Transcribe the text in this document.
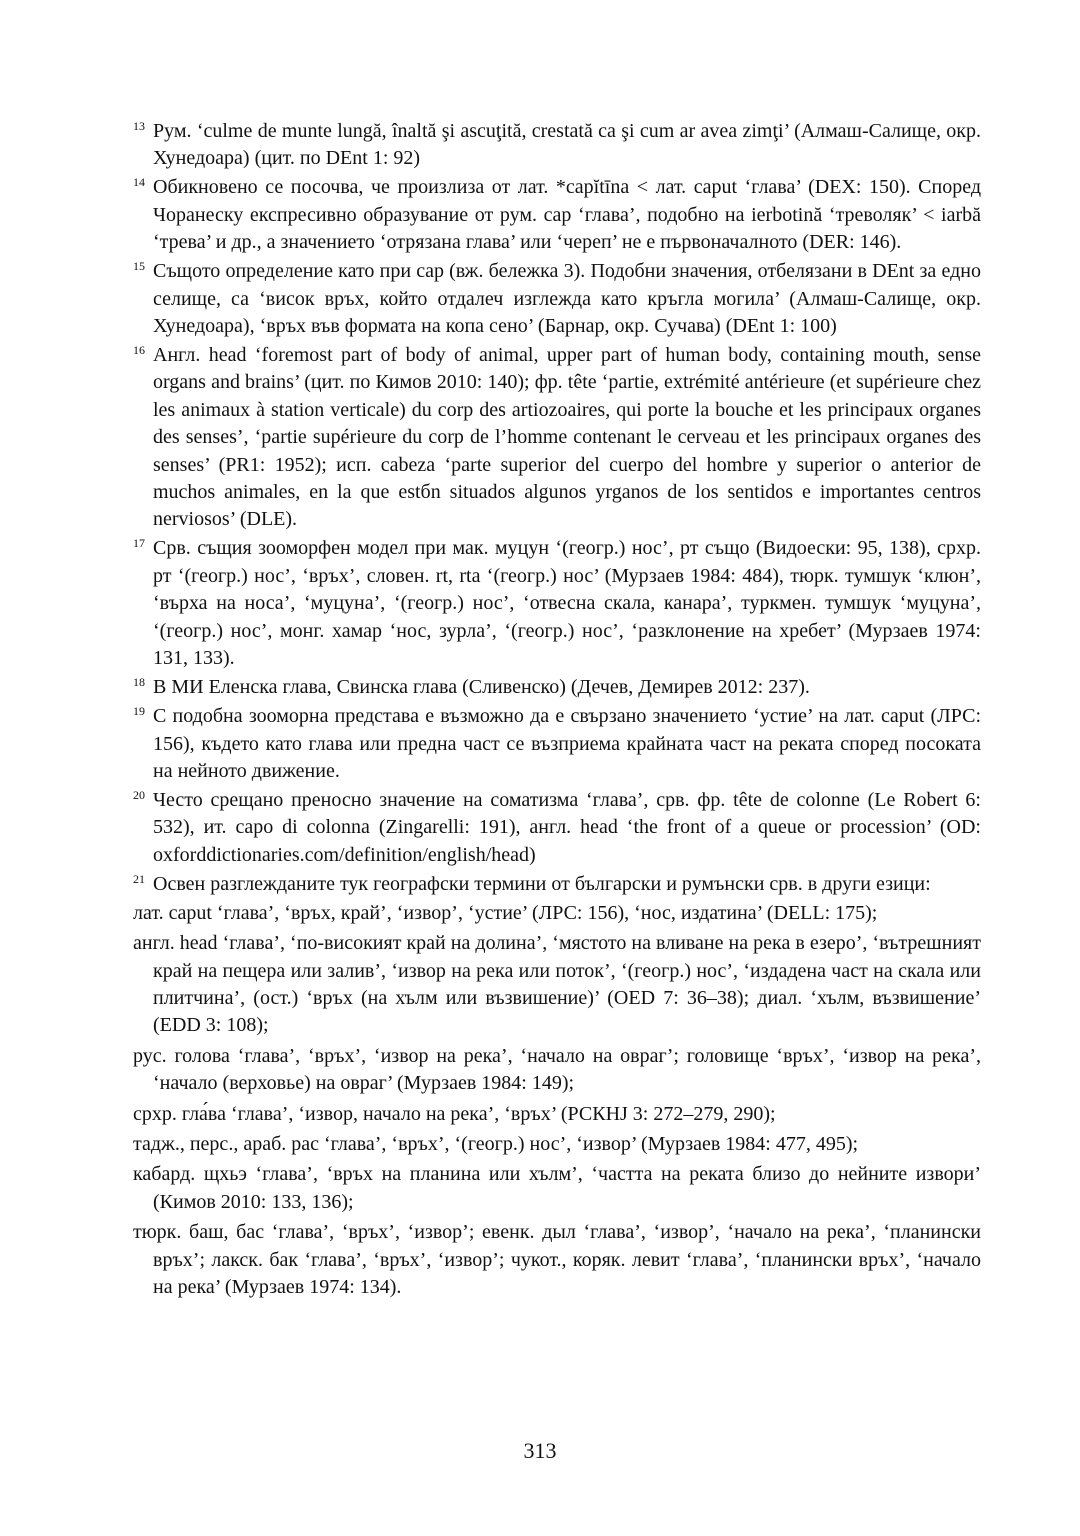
13 Рум. ‘culme de munte lungă, înaltă şi ascuţită, crestată ca şi cum ar avea zimţi’ (Алмаш-Салище, окр. Хунедоара) (цит. по DEnt 1: 92)

14 Обикновено се посочва, че произлиза от лат. *capĭtīna < лат. caput ‘глава’ (DEX: 150). Според Чоранеску експресивно образувание от рум. cap ‘глава’, подобно на ierbotină ‘треволяк’ < iarbă ‘трева’ и др., а значението ‘отрязана глава’ или ‘череп’ не е първоначалното (DER: 146).

15 Същото определение като при cap (вж. бележка 3). Подобни значения, отбелязани в DEnt за едно селище, са ‘висок връх, който отдалеч изглежда като кръгла могила’ (Алмаш-Салище, окр. Хунедоара), ‘връх във формата на копа сено’ (Барнар, окр. Сучава) (DEnt 1: 100)

16 Англ. head ‘foremost part of body of animal, upper part of human body, containing mouth, sense organs and brains’ (цит. по Кимов 2010: 140); фр. tête ‘partie, extrémité antérieure (et supérieure chez les animaux à station verticale) du corp des artiozoaires, qui porte la bouche et les principaux organes des senses’, ‘partie supérieure du corp de l’homme contenant le cerveau et les principaux organes des senses’ (PR1: 1952); исп. cabeza ‘parte superior del cuerpo del hombre y superior o anterior de muchos animales, en la que estбn situados algunos yrganos de los sentidos e importantes centros nerviosos’ (DLE).

17 Срв. същия зооморфен модел при мак. муцун ‘(геогр.) нос’, рт също (Видоески: 95, 138), срхр. рт ‘(геогр.) нос’, ‘връх’, словен. rt, rta ‘(геогр.) нос’ (Мурзаев 1984: 484), тюрк. тумшук ‘клюн’, ‘върха на носа’, ‘муцуна’, ‘(геогр.) нос’, ‘отвесна скала, канара’, туркмен. тумшук ‘муцуна’, ‘(геогр.) нос’, монг. хамар ‘нос, зурла’, ‘(геогр.) нос’, ‘разклонение на хребет’ (Мурзаев 1974: 131, 133).

18 В МИ Еленска глава, Свинска глава (Сливенско) (Дечев, Демирев 2012: 237).

19 С подобна зооморна представа е възможно да е свързано значението ‘устие’ на лат. caput (ЛРС: 156), където като глава или предна част се възприема крайната част на реката според посоката на нейното движение.

20 Често срещано преносно значение на соматизма ‘глава’, срв. фр. tête de colonne (Le Robert 6: 532), ит. capo di colonna (Zingarelli: 191), англ. head ‘the front of a queue or procession’ (OD: oxforddictionaries.com/definition/english/head)

21 Освен разглежданите тук географски термини от български и румънски срв. в други езици:

лат. caput ‘глава’, ‘връх, край’, ‘извор’, ‘устие’ (ЛРС: 156), ‘нос, издатина’ (DELL: 175);

англ. head ‘глава’, ‘по-високият край на долина’, ‘мястото на вливане на река в езеро’, ‘вътрешният край на пещера или залив’, ‘извор на река или поток’, ‘(геогр.) нос’, ‘издадена част на скала или плитчина’, (ост.) ‘връх (на хълм или възвишение)’ (OED 7: 36–38); диал. ‘хълм, възвишение’ (EDD 3: 108);

рус. голова ‘глава’, ‘връх’, ‘извор на река’, ‘начало на овраг’; головище ‘връх’, ‘извор на река’, ‘начало (верховье) на овраг’ (Мурзаев 1984: 149);

срхр. гла́ва ‘глава’, ‘извор, начало на река’, ‘връх’ (РСКНЈ 3: 272–279, 290);

тадж., перс., араб. рас ‘глава’, ‘връх’, ‘(геогр.) нос’, ‘извор’ (Мурзаев 1984: 477, 495);

кабард. щхьэ ‘глава’, ‘връх на планина или хълм’, ‘частта на реката близо до нейните извори’ (Кимов 2010: 133, 136);

тюрк. баш, бас ‘глава’, ‘връх’, ‘извор’; евенк. дыл ‘глава’, ‘извор’, ‘начало на река’, ‘планински връх’; лакск. бак ‘глава’, ‘връх’, ‘извор’; чукот., коряк. левит ‘глава’, ‘планински връх’, ‘начало на река’ (Мурзаев 1974: 134).

313
